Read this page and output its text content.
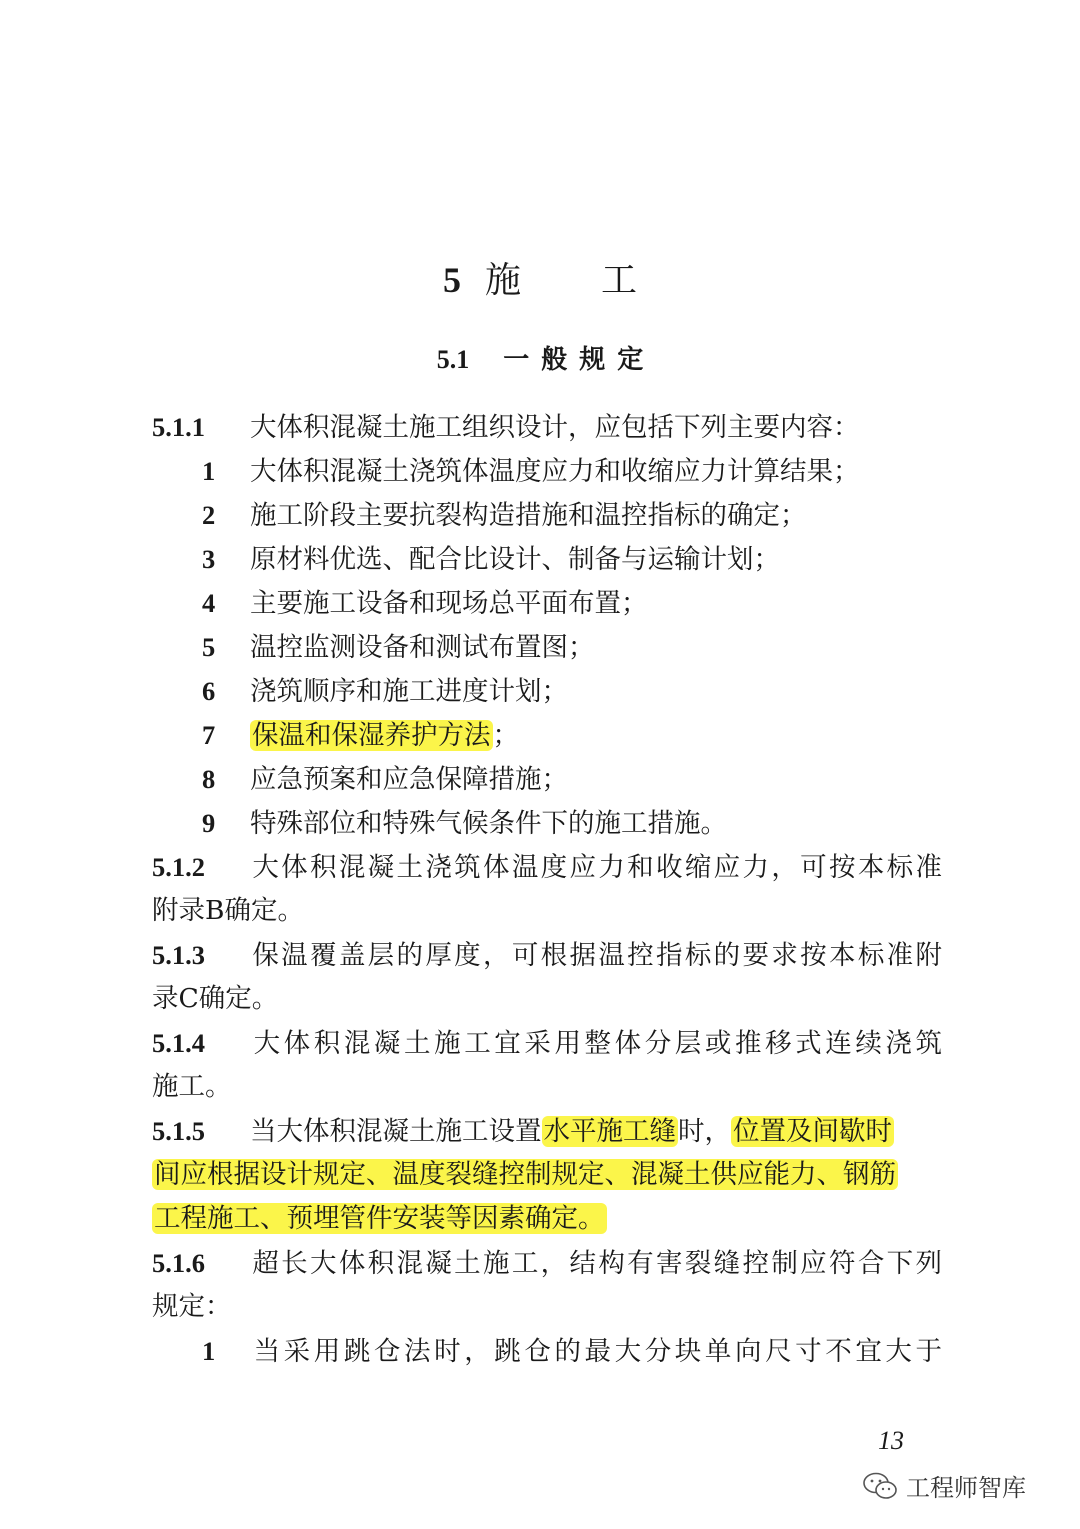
5 施工
5.1 一般规定
5.1.1 大体积混凝土施工组织设计，应包括下列主要内容：
1 大体积混凝土浇筑体温度应力和收缩应力计算结果；
2 施工阶段主要抗裂构造措施和温控指标的确定；
3 原材料优选、配合比设计、制备与运输计划；
4 主要施工设备和现场总平面布置；
5 温控监测设备和测试布置图；
6 浇筑顺序和施工进度计划；
7 保温和保湿养护方法；
8 应急预案和应急保障措施；
9 特殊部位和特殊气候条件下的施工措施。
5.1.2 大体积混凝土浇筑体温度应力和收缩应力，可按本标准
附录B确定。
5.1.3 保温覆盖层的厚度，可根据温控指标的要求按本标准附
录C确定。
5.1.4 大体积混凝土施工宜采用整体分层或推移式连续浇筑
施工。
5.1.5 当大体积混凝土施工设置水平施工缝时，位置及间歇时
间应根据设计规定、温度裂缝控制规定、混凝土供应能力、钢筋
工程施工、预埋管件安装等因素确定。
5.1.6 超长大体积混凝土施工，结构有害裂缝控制应符合下列
规定：
1 当采用跳仓法时，跳仓的最大分块单向尺寸不宜大于
13
工程师智库
